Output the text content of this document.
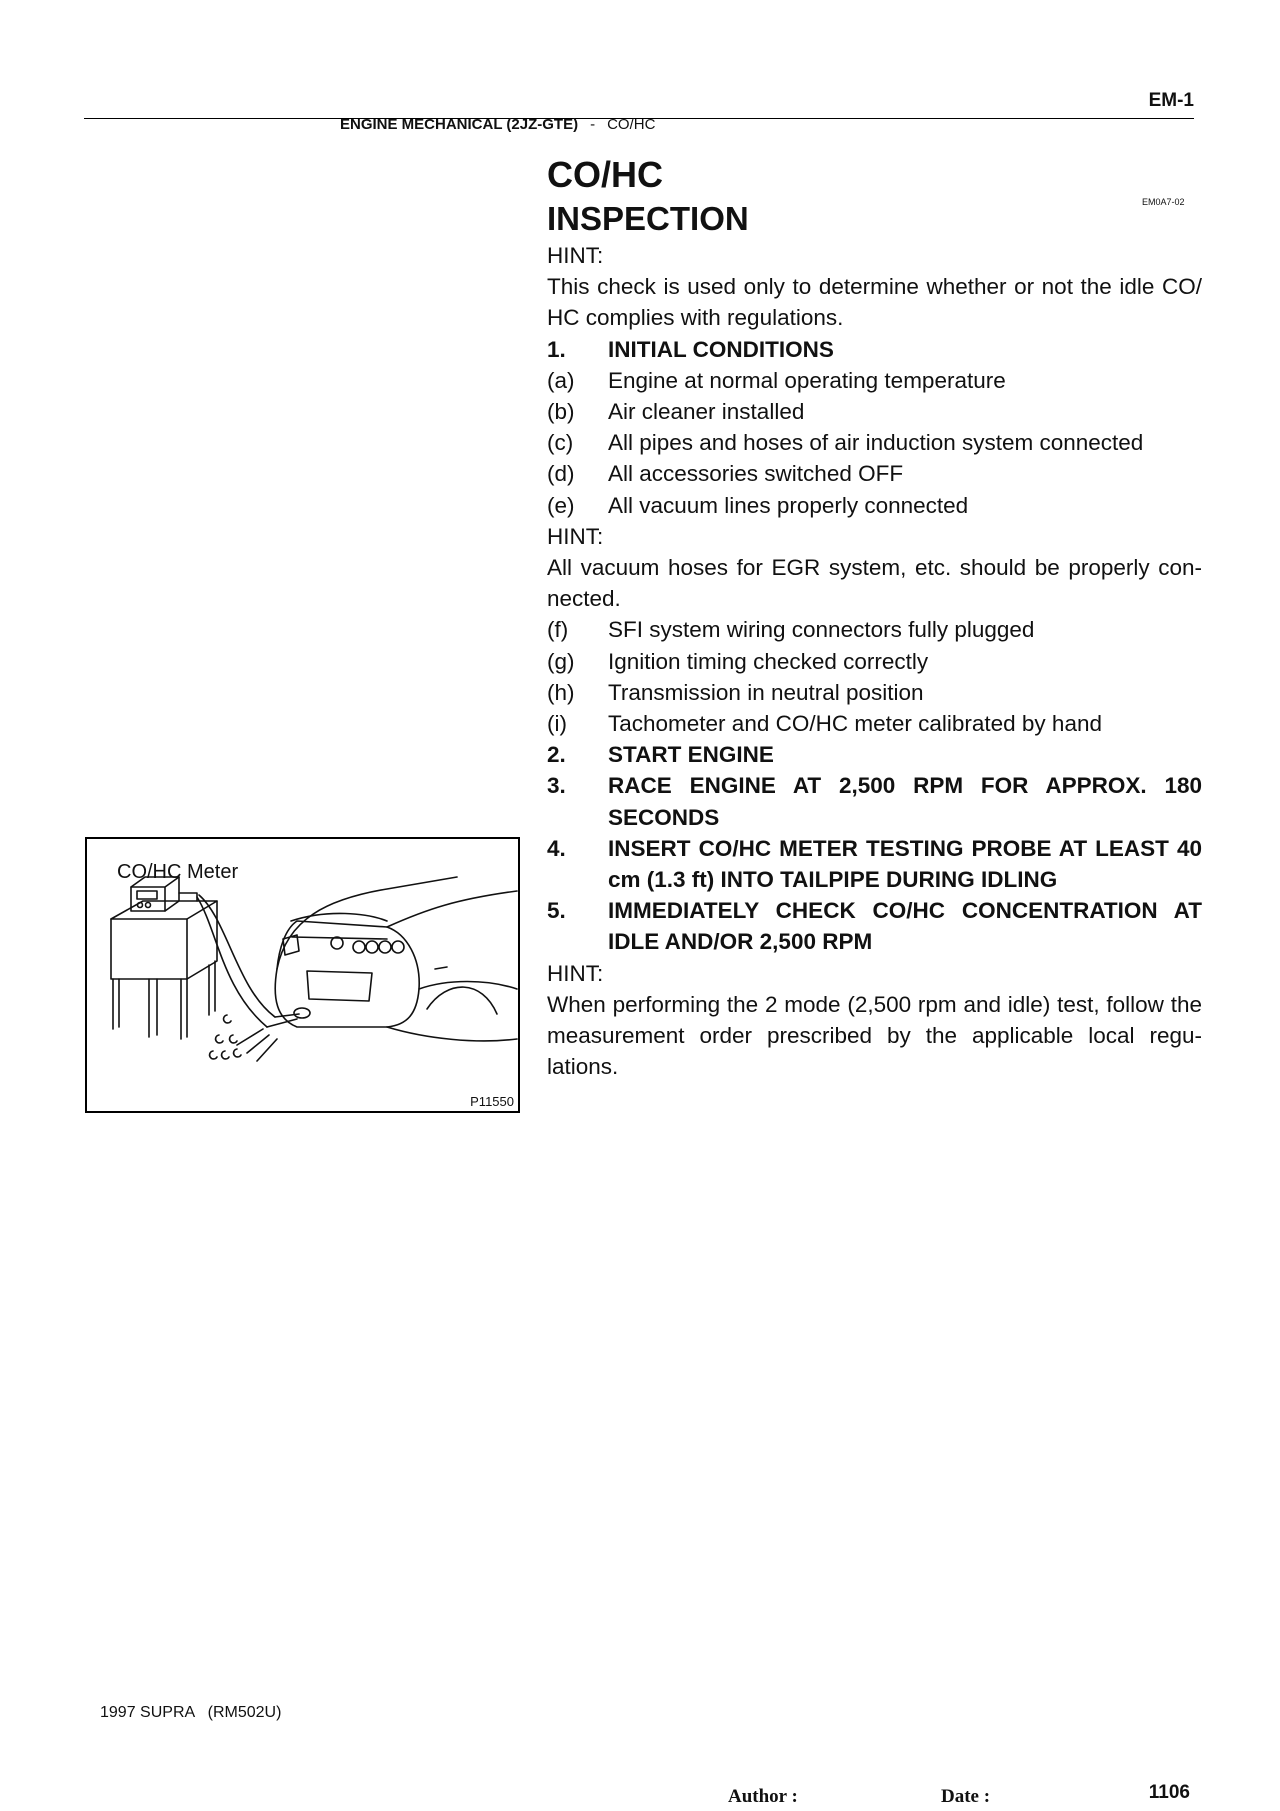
EM-1
ENGINE MECHANICAL (2JZ-GTE) - CO/HC
CO/HC
INSPECTION	EM0A7-02
HINT:
This check is used only to determine whether or not the idle CO/ HC complies with regulations.
1.	INITIAL CONDITIONS
(a)	Engine at normal operating temperature
(b)	Air cleaner installed
(c)	All pipes and hoses of air induction system connected
(d)	All accessories switched OFF
(e)	All vacuum lines properly connected
HINT:
All vacuum hoses for EGR system, etc. should be properly con- nected.
(f)	SFI system wiring connectors fully plugged
(g)	Ignition timing checked correctly
(h)	Transmission in neutral position
(i)	Tachometer and CO/HC meter calibrated by hand
2.	START ENGINE
3.	RACE ENGINE AT 2,500 RPM FOR APPROX. 180 SECONDS
4.	INSERT CO/HC METER TESTING PROBE AT LEAST 40 cm (1.3 ft) INTO TAILPIPE DURING IDLING
5.	IMMEDIATELY CHECK CO/HC CONCENTRATION AT IDLE AND/OR 2,500 RPM
HINT:
When performing the 2 mode (2,500 rpm and idle) test, follow the measurement order prescribed by the applicable local regu- lations.
CO/HC Meter
P11550
1997 SUPRA   (RM502U)
Author :	Date :	1106
